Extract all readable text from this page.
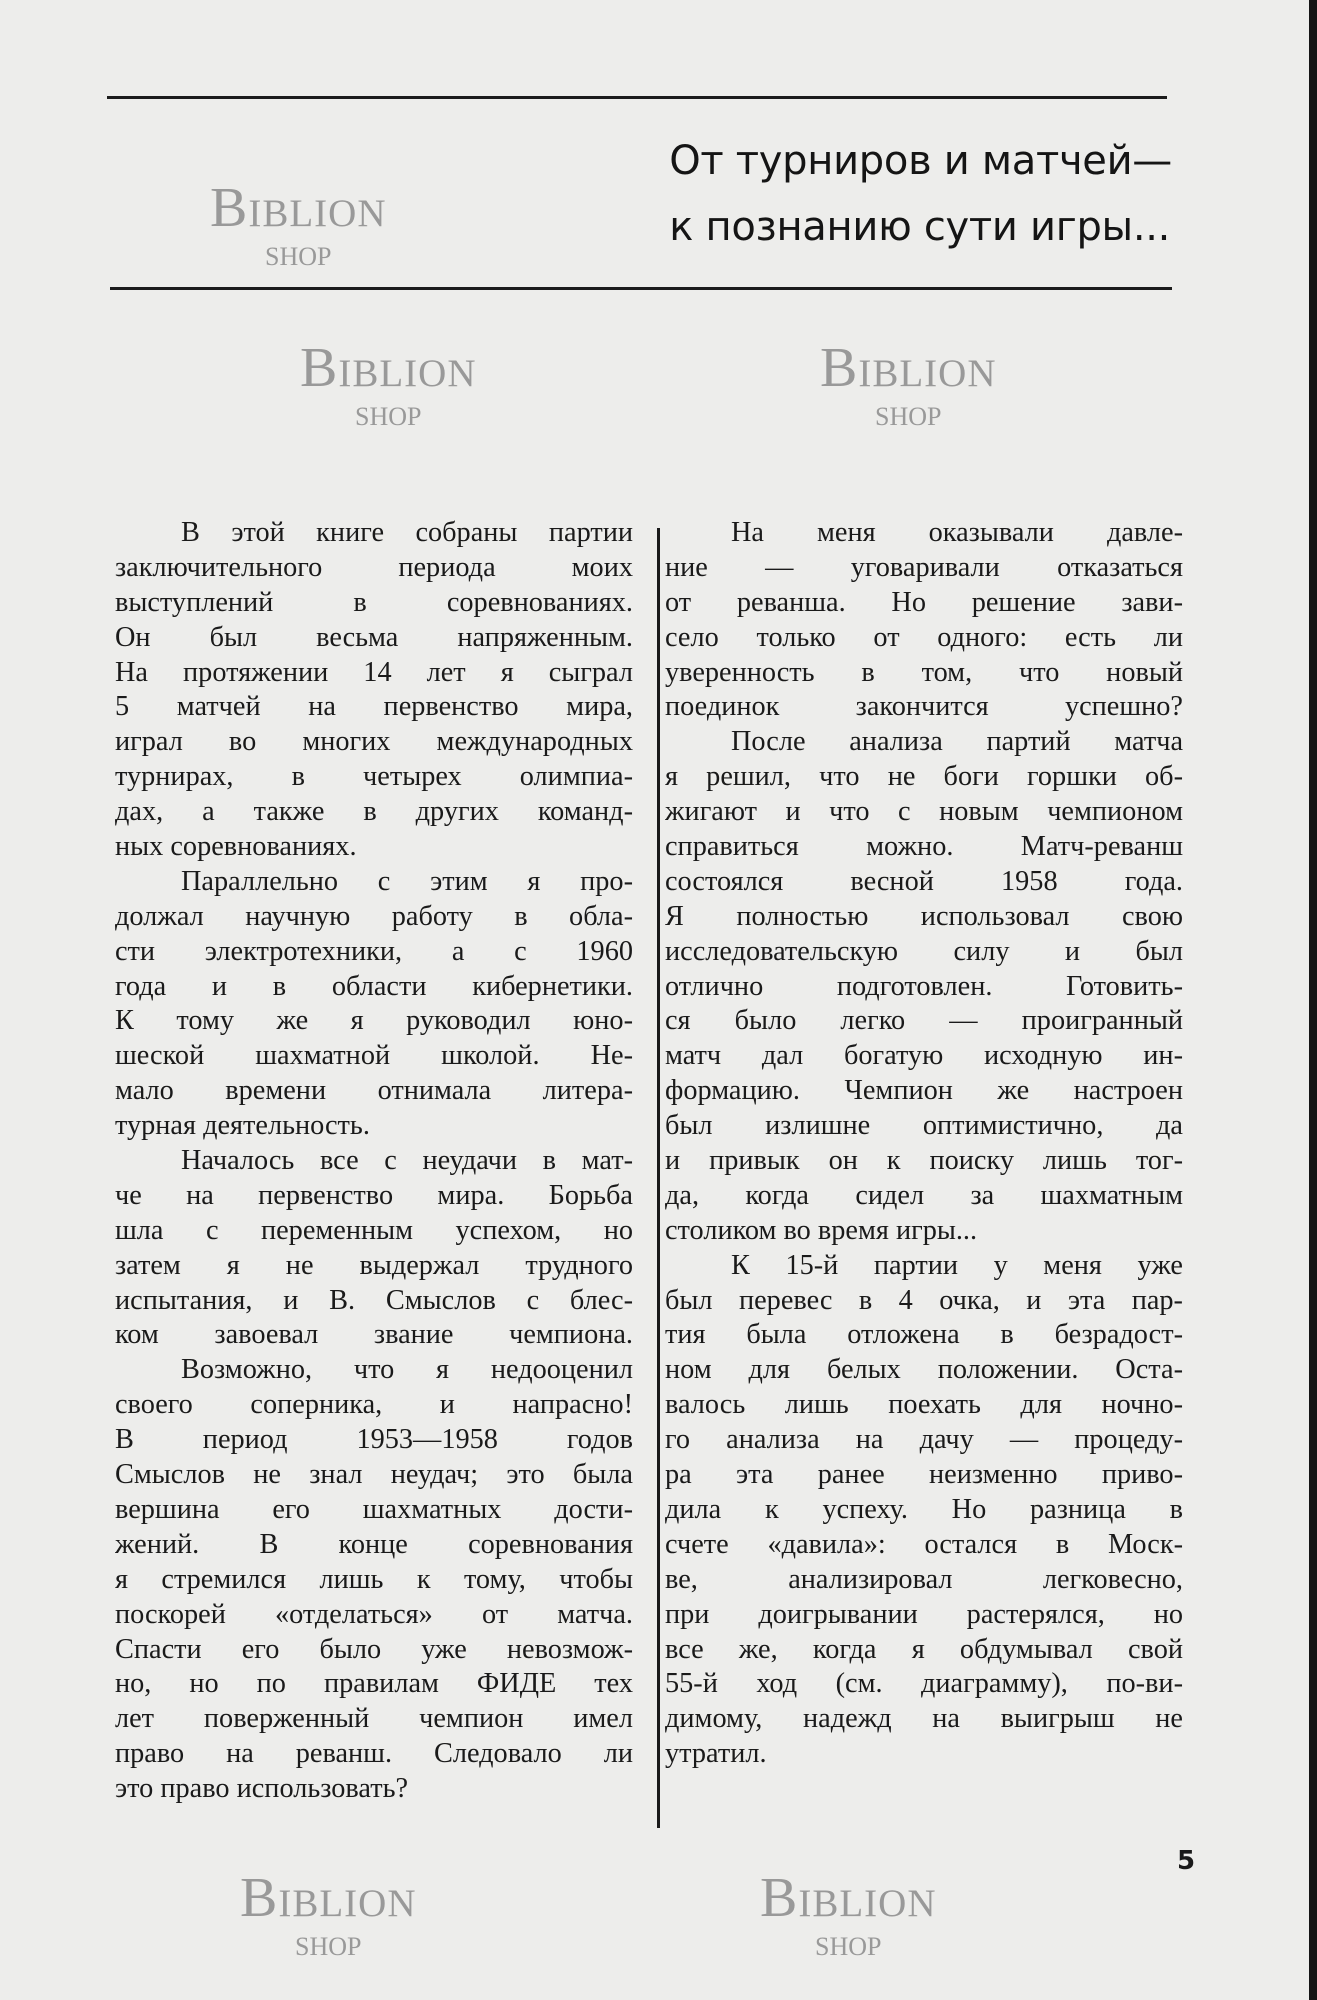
От турниров и матчей—
к познанию сути игры...
Biblion
SHOP
Biblion
SHOP
Biblion
SHOP
Biblion
SHOP
Biblion
SHOP
В этой книге собраны партии
заключительного периода моих
выступлений в соревнованиях.
Он был весьма напряженным.
На протяжении 14 лет я сыграл
5 матчей на первенство мира,
играл во многих международных
турнирах, в четырех олимпиа-
дах, а также в других команд-
ных соревнованиях.
Параллельно с этим я про-
должал научную работу в обла-
сти электротехники, а с 1960
года и в области кибернетики.
К тому же я руководил юно-
шеской шахматной школой. Не-
мало времени отнимала литера-
турная деятельность.
Началось все с неудачи в мат-
че на первенство мира. Борьба
шла с переменным успехом, но
затем я не выдержал трудного
испытания, и В. Смыслов с блес-
ком завоевал звание чемпиона.
Возможно, что я недооценил
своего соперника, и напрасно!
В период 1953—1958 годов
Смыслов не знал неудач; это была
вершина его шахматных дости-
жений. В конце соревнования
я стремился лишь к тому, чтобы
поскорей «отделаться» от матча.
Спасти его было уже невозмож-
но, но по правилам ФИДЕ тех
лет поверженный чемпион имел
право на реванш. Следовало ли
это право использовать?
На меня оказывали давле-
ние — уговаривали отказаться
от реванша. Но решение зави-
село только от одного: есть ли
уверенность в том, что новый
поединок закончится успешно?
После анализа партий матча
я решил, что не боги горшки об-
жигают и что с новым чемпионом
справиться можно. Матч-реванш
состоялся весной 1958 года.
Я полностью использовал свою
исследовательскую силу и был
отлично подготовлен. Готовить-
ся было легко — проигранный
матч дал богатую исходную ин-
формацию. Чемпион же настроен
был излишне оптимистично, да
и привык он к поиску лишь тог-
да, когда сидел за шахматным
столиком во время игры...
К 15-й партии у меня уже
был перевес в 4 очка, и эта пар-
тия была отложена в безрадост-
ном для белых положении. Оста-
валось лишь поехать для ночно-
го анализа на дачу — процеду-
ра эта ранее неизменно приво-
дила к успеху. Но разница в
счете «давила»: остался в Моск-
ве, анализировал легковесно,
при доигрывании растерялся, но
все же, когда я обдумывал свой
55-й ход (см. диаграмму), по-ви-
димому, надежд на выигрыш не
утратил.
5
